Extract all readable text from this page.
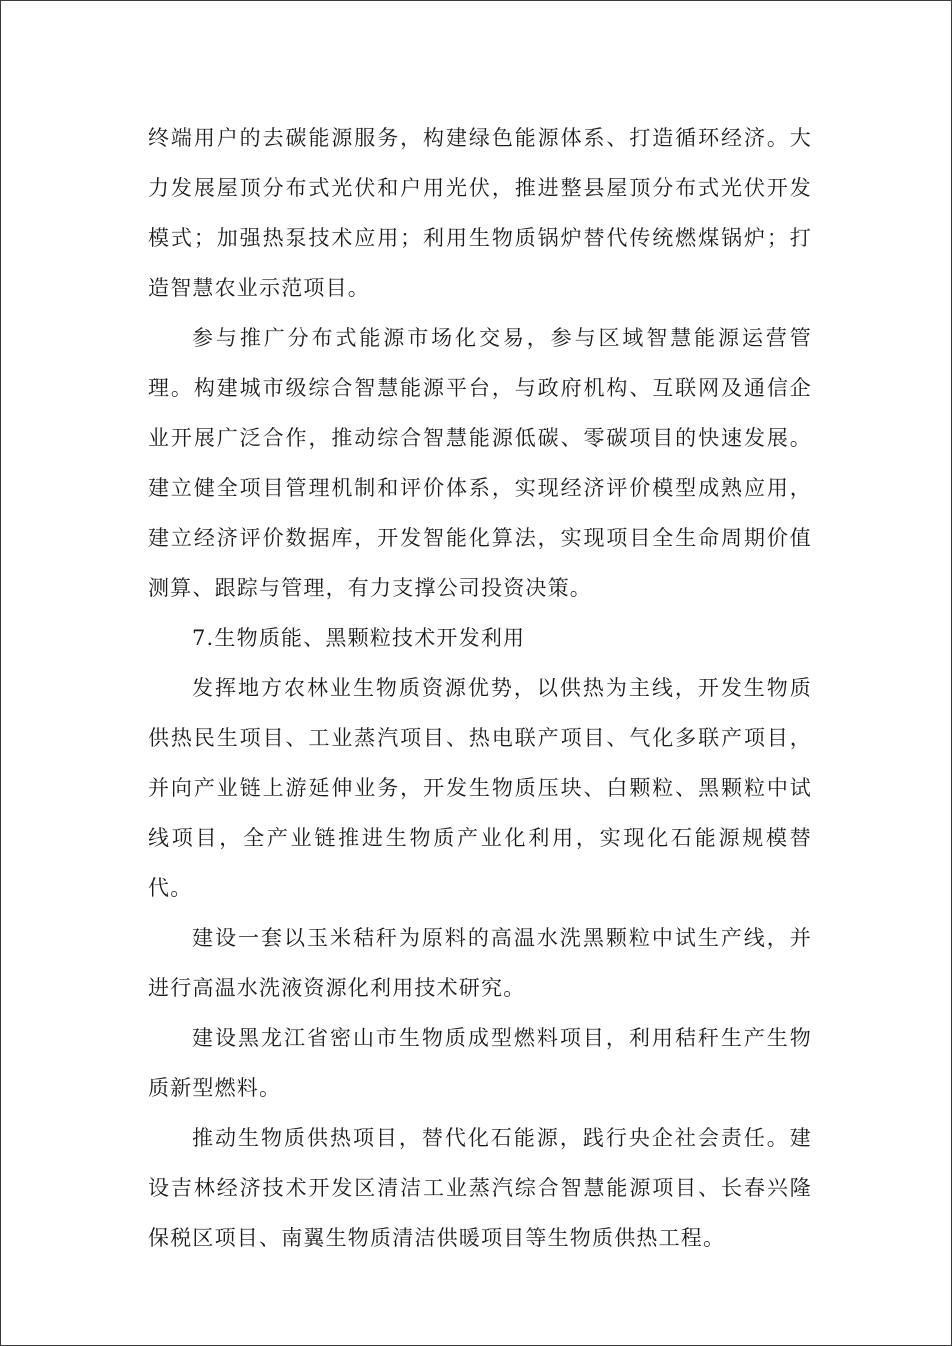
终端用户的去碳能源服务，构建绿色能源体系、打造循环经济。大力发展屋顶分布式光伏和户用光伏，推进整县屋顶分布式光伏开发模式；加强热泵技术应用；利用生物质锅炉替代传统燃煤锅炉；打造智慧农业示范项目。

参与推广分布式能源市场化交易，参与区域智慧能源运营管理。构建城市级综合智慧能源平台，与政府机构、互联网及通信企业开展广泛合作，推动综合智慧能源低碳、零碳项目的快速发展。建立健全项目管理机制和评价体系，实现经济评价模型成熟应用，建立经济评价数据库，开发智能化算法，实现项目全生命周期价值测算、跟踪与管理，有力支撑公司投资决策。

7.生物质能、黑颗粒技术开发利用

发挥地方农林业生物质资源优势，以供热为主线，开发生物质供热民生项目、工业蒸汽项目、热电联产项目、气化多联产项目，并向产业链上游延伸业务，开发生物质压块、白颗粒、黑颗粒中试线项目，全产业链推进生物质产业化利用，实现化石能源规模替代。

建设一套以玉米秸秆为原料的高温水洗黑颗粒中试生产线，并进行高温水洗液资源化利用技术研究。

建设黑龙江省密山市生物质成型燃料项目，利用秸秆生产生物质新型燃料。

推动生物质供热项目，替代化石能源，践行央企社会责任。建设吉林经济技术开发区清洁工业蒸汽综合智慧能源项目、长春兴隆保税区项目、南翼生物质清洁供暖项目等生物质供热工程。
